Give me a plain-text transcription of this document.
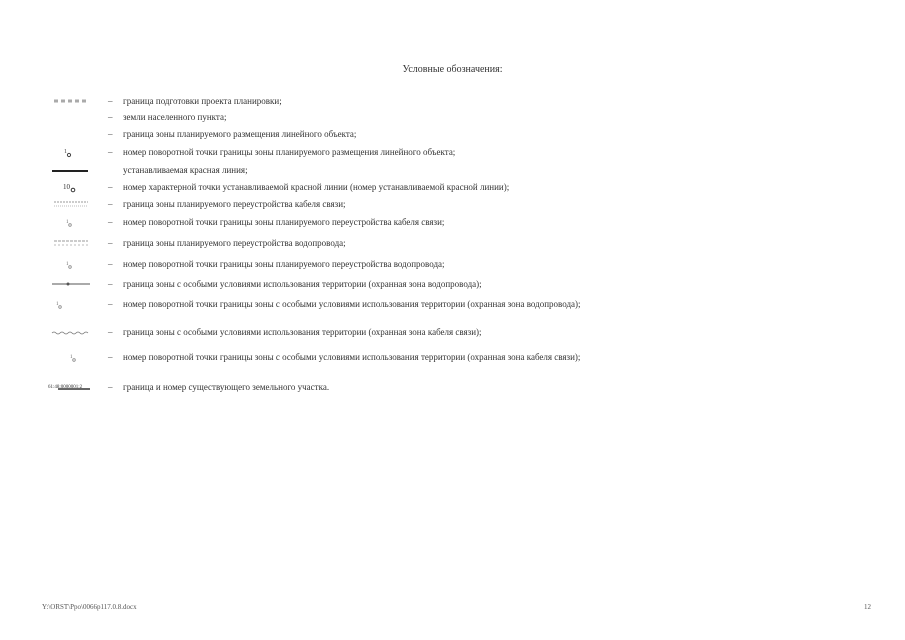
Условные обозначения:
– граница подготовки проекта планировки;
– земли населенного пункта;
– граница зоны планируемого размещения линейного объекта;
1	– номер поворотной точки границы зоны планируемого размещения линейного объекта;
устанавливаемая красная линия;
10	– номер характерной точки устанавливаемой красной линии (номер устанавливаемой красной линии);
– граница зоны планируемого переустройства кабеля связи;
1	– номер поворотной точки границы зоны планируемого переустройства кабеля связи;
– граница зоны планируемого переустройства водопровода;
1	– номер поворотной точки границы зоны планируемого переустройства водопровода;
– граница зоны с особыми условиями использования территории (охранная зона водопровода);
1	– номер поворотной точки границы зоны с особыми условиями использования территории (охранная зона водопровода);
– граница зоны с особыми условиями использования территории (охранная зона кабеля связи);
1	– номер поворотной точки границы зоны с особыми условиями использования территории (охранная зона кабеля связи);
61:48:0000001:2	– граница и номер существующего земельного участка.
Y:\ORST\Ppo\0066p117.0.8.docx	12
